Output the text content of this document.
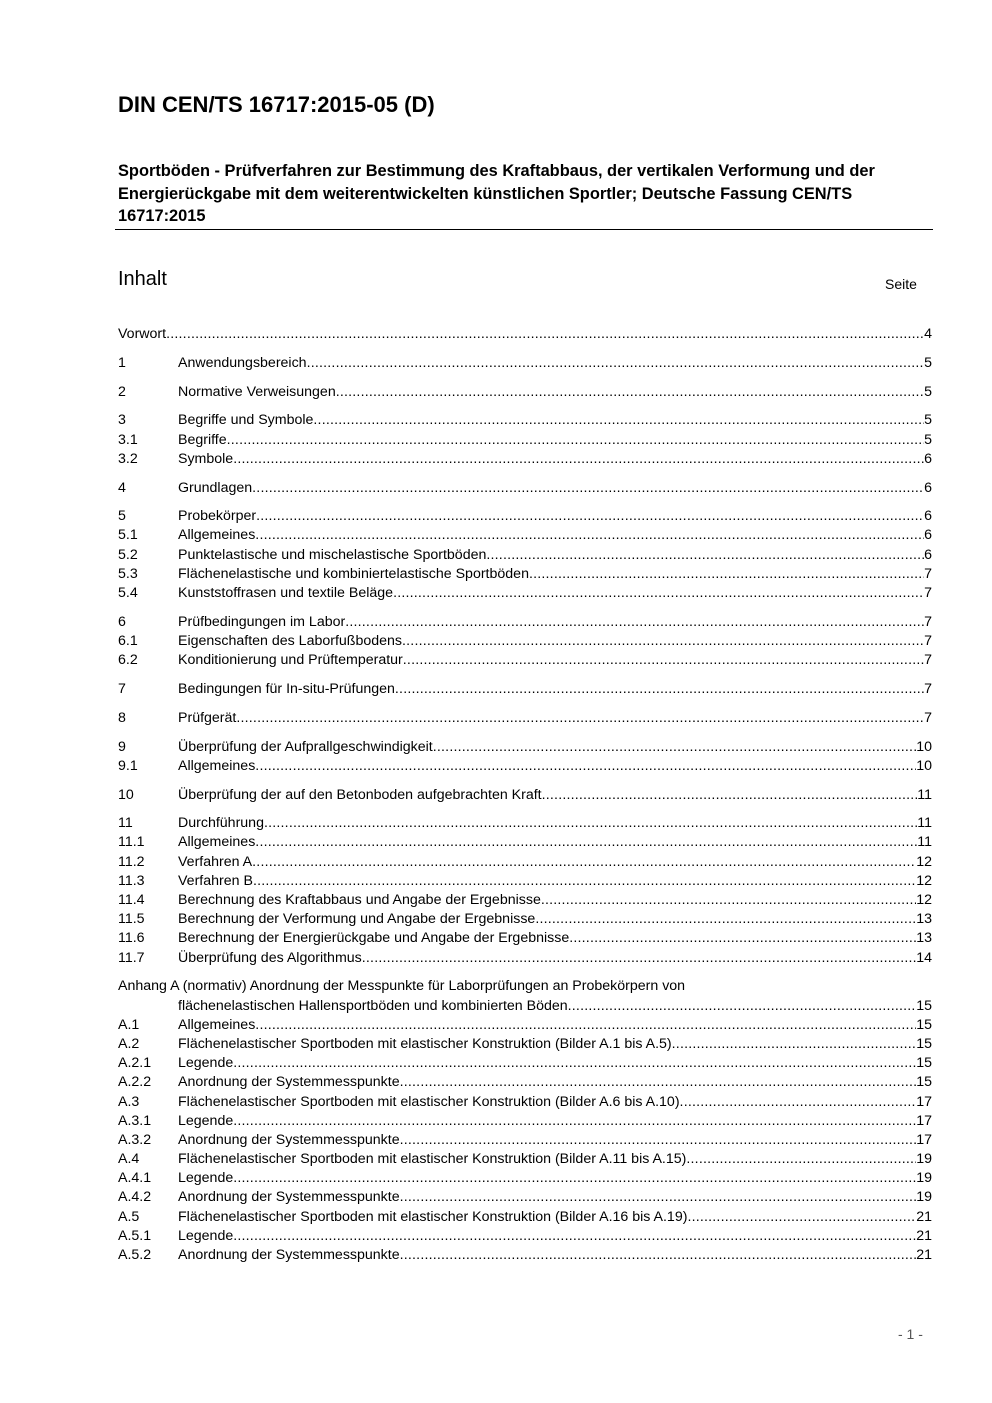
DIN CEN/TS 16717:2015-05 (D)
Sportböden - Prüfverfahren zur Bestimmung des Kraftabbaus, der vertikalen Verformung und der Energierückgabe mit dem weiterentwickelten künstlichen Sportler; Deutsche Fassung CEN/TS 16717:2015
Inhalt	Seite
Vorwort .....	4
1	Anwendungsbereich .....	5
2	Normative Verweisungen .....	5
3	Begriffe und Symbole .....	5
3.1	Begriffe .....	5
3.2	Symbole .....	6
4	Grundlagen .....	6
5	Probekörper .....	6
5.1	Allgemeines .....	6
5.2	Punktelastische und mischelastische Sportböden .....	6
5.3	Flächenelastische und kombiniertelastische Sportböden .....	7
5.4	Kunststoffrasen und textile Beläge .....	7
6	Prüfbedingungen im Labor .....	7
6.1	Eigenschaften des Laborfußbodens .....	7
6.2	Konditionierung und Prüftemperatur .....	7
7	Bedingungen für In-situ-Prüfungen .....	7
8	Prüfgerät .....	7
9	Überprüfung der Aufprallgeschwindigkeit .....	10
9.1	Allgemeines .....	10
10	Überprüfung der auf den Betonboden aufgebrachten Kraft .....	11
11	Durchführung .....	11
11.1	Allgemeines .....	11
11.2	Verfahren A .....	12
11.3	Verfahren B .....	12
11.4	Berechnung des Kraftabbaus und Angabe der Ergebnisse .....	12
11.5	Berechnung der Verformung und Angabe der Ergebnisse .....	13
11.6	Berechnung der Energierückgabe und Angabe der Ergebnisse .....	13
11.7	Überprüfung des Algorithmus .....	14
Anhang A (normativ) Anordnung der Messpunkte für Laborprüfungen an Probekörpern von
flächenelastischen Hallensportböden und kombinierten Böden .....	15
A.1	Allgemeines .....	15
A.2	Flächenelastischer Sportboden mit elastischer Konstruktion (Bilder A.1 bis A.5) .....	15
A.2.1	Legende .....	15
A.2.2	Anordnung der Systemmesspunkte .....	15
A.3	Flächenelastischer Sportboden mit elastischer Konstruktion (Bilder A.6 bis A.10) .....	17
A.3.1	Legende .....	17
A.3.2	Anordnung der Systemmesspunkte .....	17
A.4	Flächenelastischer Sportboden mit elastischer Konstruktion (Bilder A.11 bis A.15) .....	19
A.4.1	Legende .....	19
A.4.2	Anordnung der Systemmesspunkte .....	19
A.5	Flächenelastischer Sportboden mit elastischer Konstruktion (Bilder A.16 bis A.19) .....	21
A.5.1	Legende .....	21
A.5.2	Anordnung der Systemmesspunkte .....	21
- 1 -
